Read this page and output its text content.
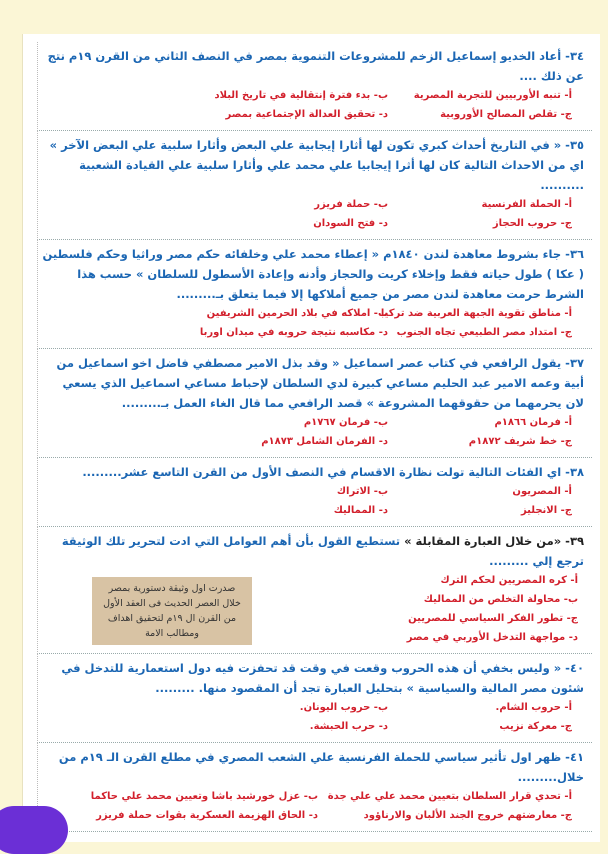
٣٤- أعاد الخديو إسماعيل الزخم للمشروعات التنموية بمصر في النصف الثاني من القرن ١٩م نتج عن ذلك ....

أ- تنبه الأوربيين للتجربة المصرية
ب- بدء فترة إنتقالية في تاريخ البلاد
ج- تقلص المصالح الأوروبية
د- تحقيق العدالة الإجتماعية بمصر

٣٥- « في التاريخ أحداث كبري تكون لها أثارا إيجابية علي البعض وأثارا سلبية علي البعض الآخر » اي من الاحداث التالية كان لها أثرا إيجابيا علي محمد علي وأثارا سلبية علي القيادة الشعبية ..........

أ- الحملة الفرنسية
ب- حملة فريزر
ج- حروب الحجاز
د- فتح السودان

٣٦- جاء بشروط معاهدة لندن ١٨٤٠م « إعطاء محمد علي وخلفائه حكم مصر وراثيا وحكم فلسطين ( عكا ) طول حياته فقط وإخلاء كريت والحجاز وأدنه وإعادة الأسطول للسلطان » حسب هذا الشرط حرمت معاهدة لندن مصر من جميع أملاكها إلا فيما يتعلق بـ.........

أ- مناطق تقوية الجبهة العربية ضد تركيا
ب- املاكه في بلاد الحرمين الشريفين
ج- امتداد مصر الطبيعي تجاه الجنوب
د- مكاسبه نتيجة حروبه في ميدان اوربا

٣٧- يقول الرافعي في كتاب عصر اسماعيل « وقد بذل الامير مصطفي فاضل اخو اسماعيل من أبية وعمه الامير عبد الحليم مساعي كبيرة لدي السلطان لإحباط مساعي اسماعيل الذي يسعي لان يحرمهما من حقوقهما المشروعة » قصد الرافعي مما قال الغاء العمل بـ.........

أ- فرمان ١٨٦٦م
ب- فرمان ١٧٦٧م
ج- خط شريف ١٨٧٢م
د- الفرمان الشامل ١٨٧٣م

٣٨- اي الفئات التالية تولت نظارة الاقسام في النصف الأول من القرن التاسع عشر.........

أ- المصريون
ب- الاتراك
ج- الانجليز
د- المماليك

٣٩- «من خلال العبارة المقابلة » تستطيع القول بأن أهم العوامل التي ادت لتحرير تلك الوثيقة ترجع إلي .........

أ- كره المصريين لحكم الترك
ب- محاولة التخلص من المماليك
ج- تطور الفكر السياسي للمصريين
د- مواجهة التدخل الأوربي في مصر
صدرت اول وثيقة دستورية بمصر خلال العصر الحديث فى العقد الأول من القرن ال ١٩م لتحقيق اهداف ومطالب الامة

٤٠- « وليس بخفي أن هذه الحروب وقعت في وقت قد تحفزت فيه دول استعمارية للتدخل في شئون مصر المالية والسياسية » بتحليل العبارة تجد أن المقصود منها. .........

أ- حروب الشام.
ب- حروب اليونان.
ج- معركة نزيب
د- حرب الحبشة.

٤١- ظهر اول تأثير سياسي للحملة الفرنسية علي الشعب المصري في مطلع القرن الـ ١٩م من خلال.........

أ- تحدي قرار السلطان بتعيين محمد علي علي جدة
ب- عزل خورشيد باشا وتعيين محمد علي حاكما
ج- معارضتهم خروج الجند الألبان والارناؤود
د- الحاق الهزيمة العسكرية بقوات حملة فريزر
